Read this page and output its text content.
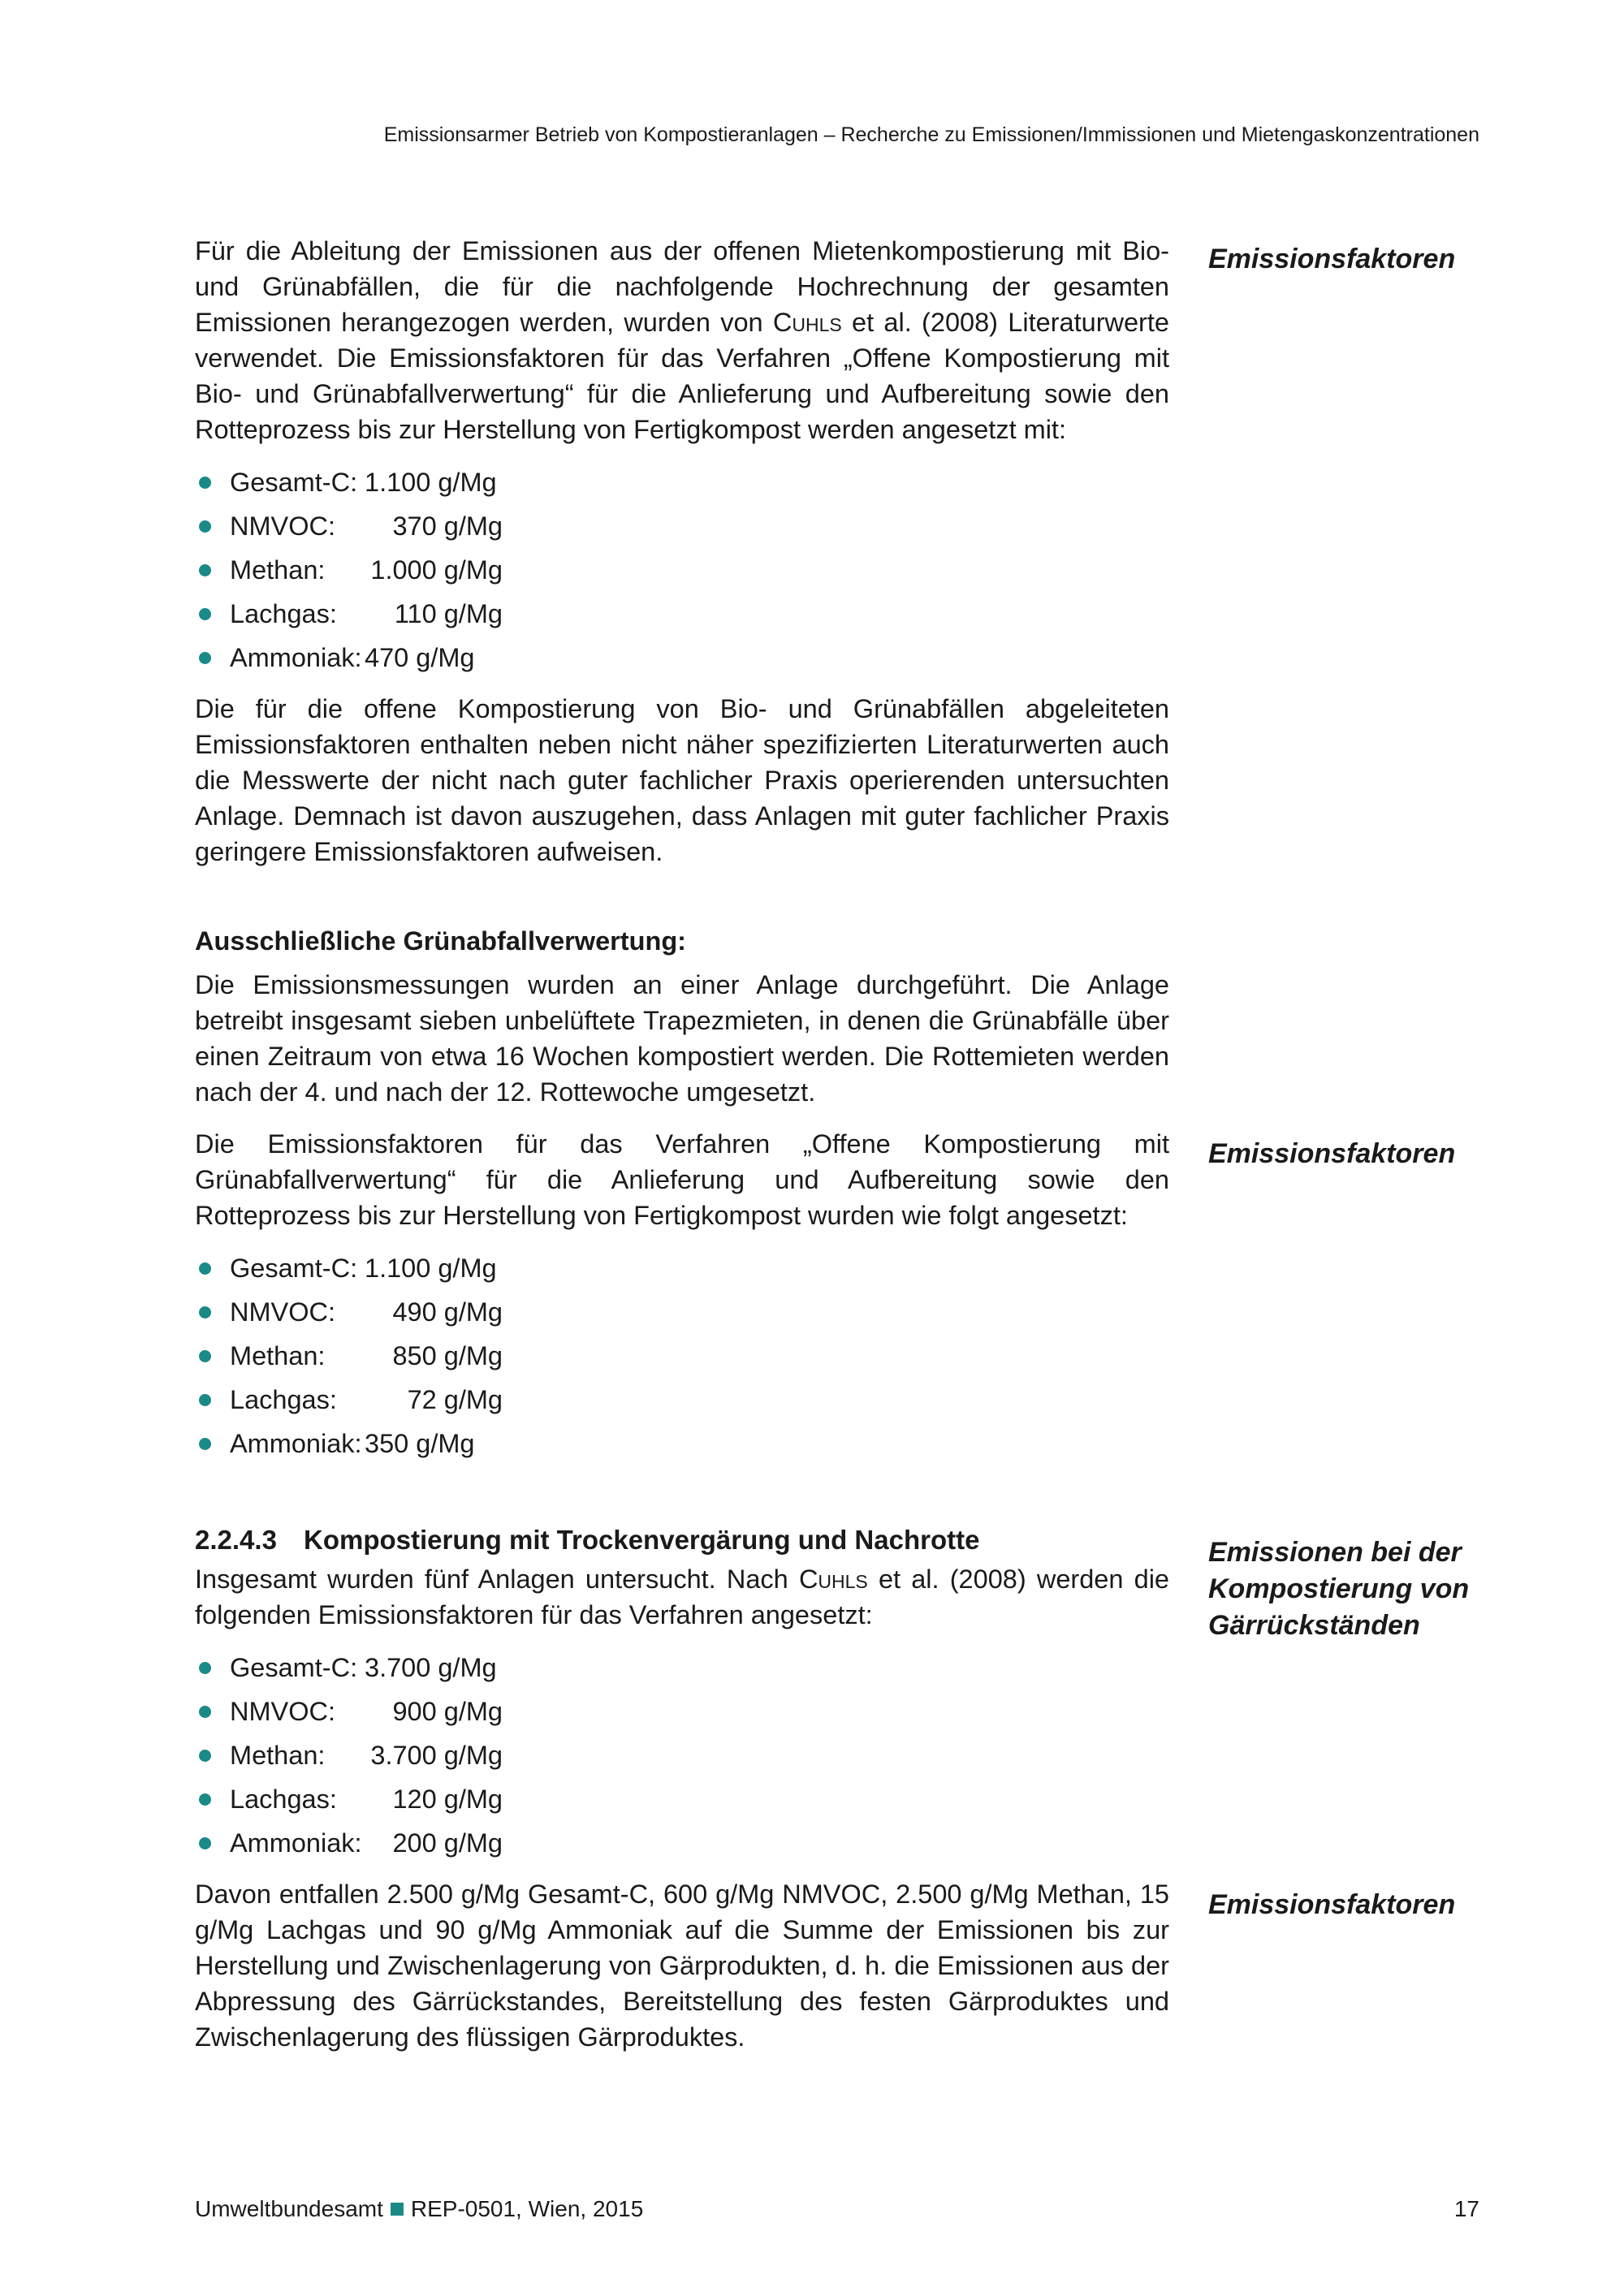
Emissionsarmer Betrieb von Kompostieranlagen – Recherche zu Emissionen/Immissionen und Mietengaskonzentrationen

Für die Ableitung der Emissionen aus der offenen Mietenkompostierung mit Bio- und Grünabfällen, die für die nachfolgende Hochrechnung der gesamten Emissionen herangezogen werden, wurden von Cuhls et al. (2008) Literaturwerte verwendet. Die Emissionsfaktoren für das Verfahren „Offene Kompostierung mit Bio- und Grünabfallverwertung“ für die Anlieferung und Aufbereitung sowie den Rotteprozess bis zur Herstellung von Fertigkompost werden angesetzt mit:

Gesamt-C: 1.100 g/Mg
NMVOC:	370 g/Mg
Methan:	1.000 g/Mg
Lachgas:	110 g/Mg
Ammoniak: 470 g/Mg

Die für die offene Kompostierung von Bio- und Grünabfällen abgeleiteten Emissionsfaktoren enthalten neben nicht näher spezifizierten Literaturwerten auch die Messwerte der nicht nach guter fachlicher Praxis operierenden untersuchten Anlage. Demnach ist davon auszugehen, dass Anlagen mit guter fachlicher Praxis geringere Emissionsfaktoren aufweisen.

Ausschließliche Grünabfallverwertung:

Die Emissionsmessungen wurden an einer Anlage durchgeführt. Die Anlage betreibt insgesamt sieben unbelüftete Trapezmieten, in denen die Grünabfälle über einen Zeitraum von etwa 16 Wochen kompostiert werden. Die Rottemieten werden nach der 4. und nach der 12. Rottewoche umgesetzt.

Die Emissionsfaktoren für das Verfahren „Offene Kompostierung mit Grünabfallverwertung“ für die Anlieferung und Aufbereitung sowie den Rotteprozess bis zur Herstellung von Fertigkompost wurden wie folgt angesetzt:

Gesamt-C: 1.100 g/Mg
NMVOC:	490 g/Mg
Methan:	850 g/Mg
Lachgas:	72 g/Mg
Ammoniak: 350 g/Mg

2.2.4.3 Kompostierung mit Trockenvergärung und Nachrotte

Insgesamt wurden fünf Anlagen untersucht. Nach Cuhls et al. (2008) werden die folgenden Emissionsfaktoren für das Verfahren angesetzt:

Gesamt-C: 3.700 g/Mg
NMVOC:	900 g/Mg
Methan:	3.700 g/Mg
Lachgas:	120 g/Mg
Ammoniak:	200 g/Mg

Davon entfallen 2.500 g/Mg Gesamt-C, 600 g/Mg NMVOC, 2.500 g/Mg Methan, 15 g/Mg Lachgas und 90 g/Mg Ammoniak auf die Summe der Emissionen bis zur Herstellung und Zwischenlagerung von Gärprodukten, d. h. die Emissionen aus der Abpressung des Gärrückstandes, Bereitstellung des festen Gärproduktes und Zwischenlagerung des flüssigen Gärproduktes.

Emissionsfaktoren
Emissionsfaktoren
Emissionen bei der Kompostierung von Gärrückständen
Emissionsfaktoren
Umweltbundesamt REP-0501, Wien, 2015	17
